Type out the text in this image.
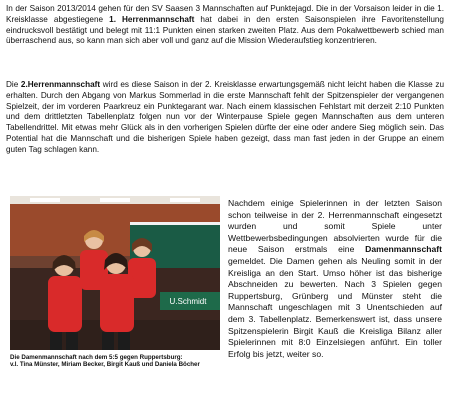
In der Saison 2013/2014 gehen für den SV Saasen 3 Mannschaften auf Punktejagd. Die in der Vorsaison leider in die 1. Kreisklasse abgestiegene 1. Herrenmannschaft hat dabei in den ersten Saisonspielen ihre Favoritenstellung eindrucksvoll bestätigt und belegt mit 11:1 Punkten einen starken zweiten Platz. Aus dem Pokalwettbewerb schied man überraschend aus, so kann man sich aber voll und ganz auf die Mission Wiederaufstieg konzentrieren.
Die 2.Herrenmannschaft wird es diese Saison in der 2. Kreisklasse erwartungsgemäß nicht leicht haben die Klasse zu erhalten. Durch den Abgang von Markus Sommerlad in die erste Mannschaft fehlt der Spitzenspieler der vergangenen Spielzeit, der im vorderen Paarkreuz ein Punktegarant war. Nach einem klassischen Fehlstart mit derzeit 2:10 Punkten und dem drittletzten Tabellenplatz folgen nun vor der Winterpause Spiele gegen Mannschaften aus dem unteren Tabellendrittel. Mit etwas mehr Glück als in den vorherigen Spielen dürfte der eine oder andere Sieg möglich sein. Das Potential hat die Mannschaft und die bisherigen Spiele haben gezeigt, dass man fast jeden in der Gruppe an einem guten Tag schlagen kann.
U.Schmidt
Die Damenmannschaft nach dem 5:5 gegen Ruppertsburg:
v.l. Tina Münster, Miriam Becker, Birgit Kauß und Daniela Böcher
Nachdem einige Spielerinnen in der letzten Saison schon teilweise in der 2. Herrenmannschaft eingesetzt wurden und somit Spiele unter Wettbewerbsbedingungen absolvierten wurde für die neue Saison erstmals eine Damenmannschaft gemeldet. Die Damen gehen als Neuling somit in der Kreisliga an den Start. Umso höher ist das bisherige Abschneiden zu bewerten. Nach 3 Spielen gegen Ruppertsburg, Grünberg und Münster steht die Mannschaft ungeschlagen mit 3 Unentschieden auf dem 3. Tabellenplatz. Bemerkenswert ist, dass unsere Spitzenspielerin Birgit Kauß die Kreisliga Bilanz aller Spielerinnen mit 8:0 Einzelsiegen anführt. Ein toller Erfolg bis jetzt, weiter so.
